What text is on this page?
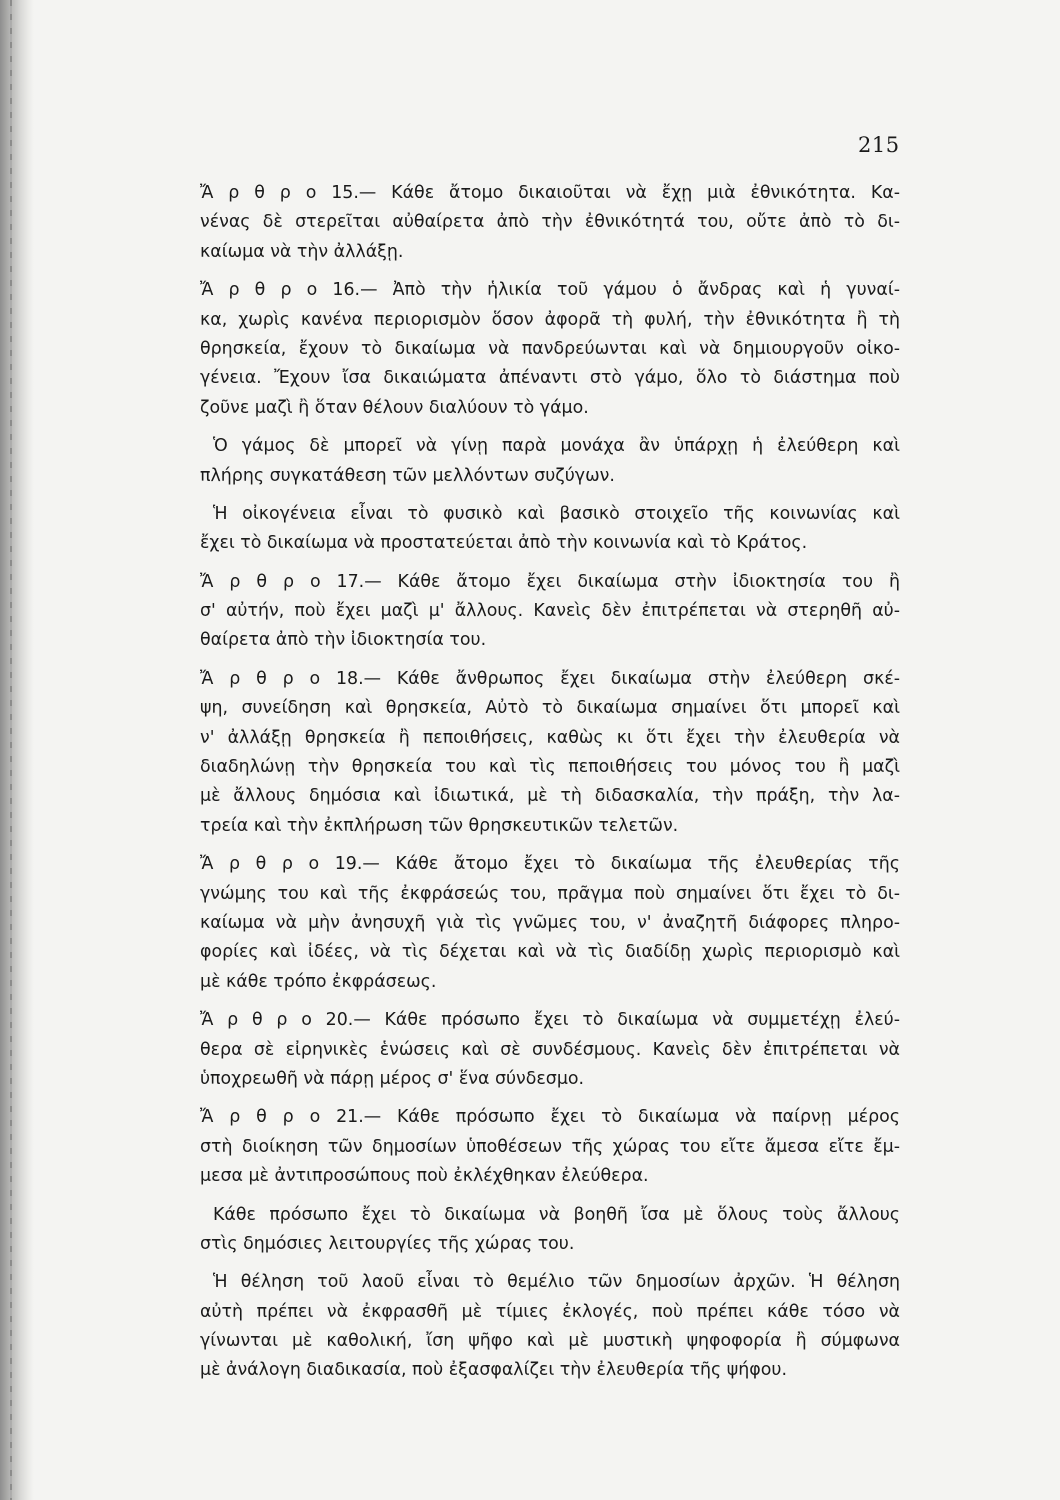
215
Ἄ ρ θ ρ ο 15.— Κάθε ἄτομο δικαιοῦται νὰ ἔχῃ μιὰ ἐθνικότητα. Κα-
νένας δὲ στερεῖται αὐθαίρετα ἀπὸ τὴν ἐθνικότητά του, οὔτε ἀπὸ τὸ δι-
καίωμα νὰ τὴν ἀλλάξῃ.
Ἄ ρ θ ρ ο 16.— Ἀπὸ τὴν ἡλικία τοῦ γάμου ὁ ἄνδρας καὶ ἡ γυναί-
κα, χωρὶς κανένα περιορισμὸν ὅσον ἀφορᾶ τὴ φυλή, τὴν ἐθνικότητα ἢ τὴ
θρησκεία, ἔχουν τὸ δικαίωμα νὰ πανδρεύωνται καὶ νὰ δημιουργοῦν οἰκο-
γένεια. Ἔχουν ἴσα δικαιώματα ἀπέναντι στὸ γάμο, ὅλο τὸ διάστημα ποὺ
ζοῦνε μαζὶ ἢ ὅταν θέλουν διαλύουν τὸ γάμο.
Ὁ γάμος δὲ μπορεῖ νὰ γίνῃ παρὰ μονάχα ἂν ὑπάρχῃ ἡ ἐλεύθερη καὶ
πλήρης συγκατάθεση τῶν μελλόντων συζύγων.
Ἡ οἰκογένεια εἶναι τὸ φυσικὸ καὶ βασικὸ στοιχεῖο τῆς κοινωνίας καὶ
ἔχει τὸ δικαίωμα νὰ προστατεύεται ἀπὸ τὴν κοινωνία καὶ τὸ Κράτος.
Ἄ ρ θ ρ ο 17.— Κάθε ἄτομο ἔχει δικαίωμα στὴν ἰδιοκτησία του ἢ
σ' αὐτήν, ποὺ ἔχει μαζὶ μ' ἄλλους. Κανεὶς δὲν ἐπιτρέπεται νὰ στερηθῆ αὐ-
θαίρετα ἀπὸ τὴν ἰδιοκτησία του.
Ἄ ρ θ ρ ο 18.— Κάθε ἄνθρωπος ἔχει δικαίωμα στὴν ἐλεύθερη σκέ-
ψη, συνείδηση καὶ θρησκεία, Αὐτὸ τὸ δικαίωμα σημαίνει ὅτι μπορεῖ καὶ
ν' ἀλλάξῃ θρησκεία ἢ πεποιθήσεις, καθὼς κι ὅτι ἔχει τὴν ἐλευθερία νὰ
διαδηλώνῃ τὴν θρησκεία του καὶ τὶς πεποιθήσεις του μόνος του ἢ μαζὶ
μὲ ἄλλους δημόσια καὶ ἰδιωτικά, μὲ τὴ διδασκαλία, τὴν πράξη, τὴν λα-
τρεία καὶ τὴν ἐκπλήρωση τῶν θρησκευτικῶν τελετῶν.
Ἄ ρ θ ρ ο 19.— Κάθε ἄτομο ἔχει τὸ δικαίωμα τῆς ἐλευθερίας τῆς
γνώμης του καὶ τῆς ἐκφράσεώς του, πρᾶγμα ποὺ σημαίνει ὅτι ἔχει τὸ δι-
καίωμα νὰ μὴν ἀνησυχῆ γιὰ τὶς γνῶμες του, ν' ἀναζητῆ διάφορες πληρο-
φορίες καὶ ἰδέες, νὰ τὶς δέχεται καὶ νὰ τὶς διαδίδῃ χωρὶς περιορισμὸ καὶ
μὲ κάθε τρόπο ἐκφράσεως.
Ἄ ρ θ ρ ο 20.— Κάθε πρόσωπο ἔχει τὸ δικαίωμα νὰ συμμετέχῃ ἐλεύ-
θερα σὲ εἰρηνικὲς ἑνώσεις καὶ σὲ συνδέσμους. Κανεὶς δὲν ἐπιτρέπεται νὰ
ὑποχρεωθῆ νὰ πάρῃ μέρος σ' ἕνα σύνδεσμο.
Ἄ ρ θ ρ ο 21.— Κάθε πρόσωπο ἔχει τὸ δικαίωμα νὰ παίρνῃ μέρος
στὴ διοίκηση τῶν δημοσίων ὑποθέσεων τῆς χώρας του εἴτε ἄμεσα εἴτε ἔμ-
μεσα μὲ ἀντιπροσώπους ποὺ ἐκλέχθηκαν ἐλεύθερα.
Κάθε πρόσωπο ἔχει τὸ δικαίωμα νὰ βοηθῆ ἴσα μὲ ὅλους τοὺς ἄλλους
στὶς δημόσιες λειτουργίες τῆς χώρας του.
Ἡ θέληση τοῦ λαοῦ εἶναι τὸ θεμέλιο τῶν δημοσίων ἀρχῶν. Ἡ θέληση
αὐτὴ πρέπει νὰ ἐκφρασθῆ μὲ τίμιες ἐκλογές, ποὺ πρέπει κάθε τόσο νὰ
γίνωνται μὲ καθολική, ἴση ψῆφο καὶ μὲ μυστικὴ ψηφοφορία ἢ σύμφωνα
μὲ ἀνάλογη διαδικασία, ποὺ ἐξασφαλίζει τὴν ἐλευθερία τῆς ψήφου.
